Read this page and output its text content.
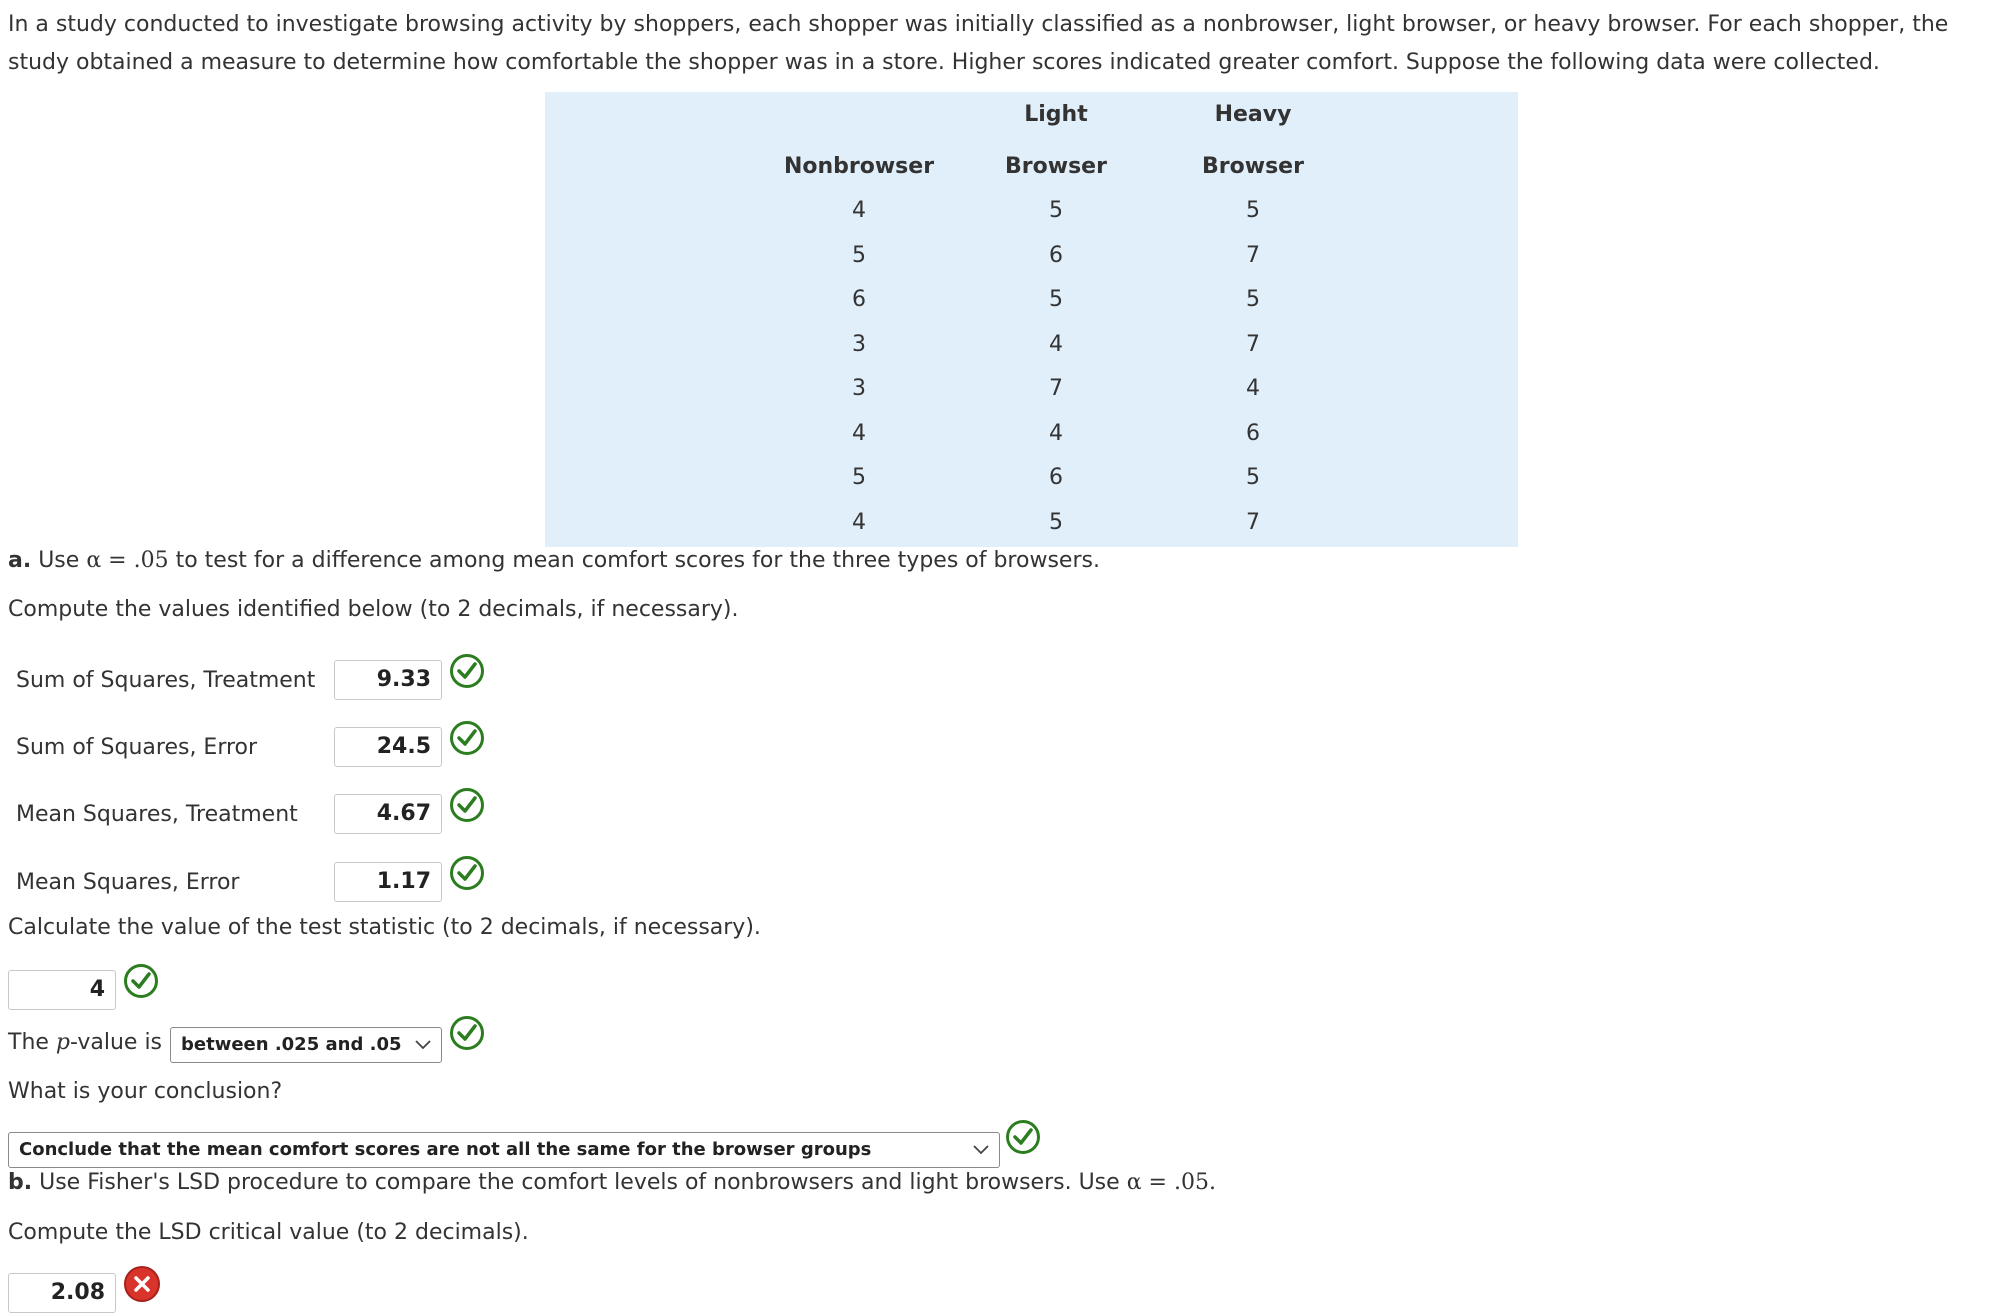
In a study conducted to investigate browsing activity by shoppers, each shopper was initially classified as a nonbrowser, light browser, or heavy browser. For each shopper, the study obtained a measure to determine how comfortable the shopper was in a store. Higher scores indicated greater comfort. Suppose the following data were collected.
Light	Heavy
Nonbrowser	Browser	Browser
4	5	5
5	6	7
6	5	5
3	4	7
3	7	4
4	4	6
5	6	5
4	5	7
a. Use α = .05 to test for a difference among mean comfort scores for the three types of browsers.
Compute the values identified below (to 2 decimals, if necessary).
Sum of Squares, Treatment	9.33
Sum of Squares, Error	24.5
Mean Squares, Treatment	4.67
Mean Squares, Error	1.17
Calculate the value of the test statistic (to 2 decimals, if necessary).
4
The p-value is	between .025 and .05
What is your conclusion?
Conclude that the mean comfort scores are not all the same for the browser groups
b. Use Fisher's LSD procedure to compare the comfort levels of nonbrowsers and light browsers. Use α = .05.
Compute the LSD critical value (to 2 decimals).
2.08
